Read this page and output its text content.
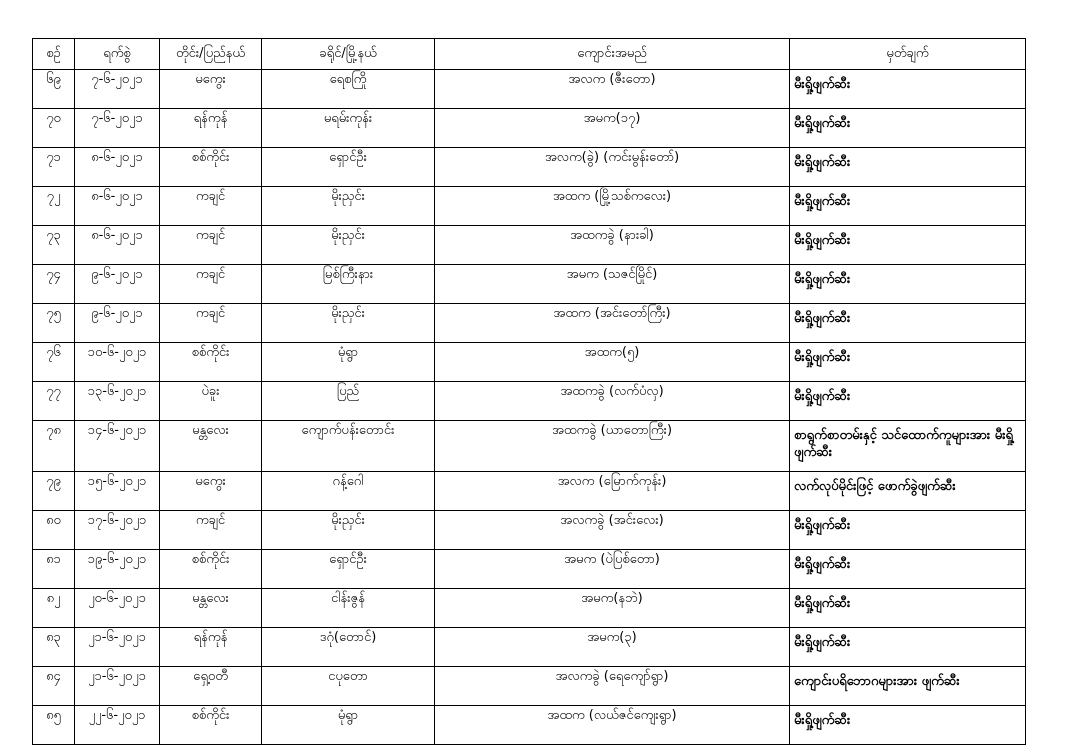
စဉ်	ရက်စွဲ	တိုင်း/ပြည်နယ်	ခရိုင်/မြို့နယ်	ကျောင်းအမည်	မှတ်ချက်
၆၉	၇-၆-၂၀၂၁	မကွေး	ရေစကြို	အလက (ဇီးတော)	မီးရှို့ဖျက်ဆီး
၇၀	၇-၆-၂၀၂၁	ရန်ကုန်	မရမ်းကုန်း	အမက(၁၇)	မီးရှို့ဖျက်ဆီး
၇၁	၈-၆-၂၀၂၁	စစ်ကိုင်း	ရှောင်ဦး	အလက(ခွဲ) (ကင်းမွန်းတော်)	မီးရှို့ဖျက်ဆီး
၇၂	၈-၆-၂၀၂၁	ကချင်	မိုးညှင်း	အထက (မြို့သစ်ကလေး)	မီးရှို့ဖျက်ဆီး
၇၃	၈-၆-၂၀၂၁	ကချင်	မိုးညှင်း	အထကခွဲ (နားခါ)	မီးရှို့ဖျက်ဆီး
၇၄	၉-၆-၂၀၂၁	ကချင်	မြစ်ကြီးနား	အမက (သဇင်မြိုင်)	မီးရှို့ဖျက်ဆီး
၇၅	၉-၆-၂၀၂၁	ကချင်	မိုးညှင်း	အထက (အင်းတော်ကြီး)	မီးရှို့ဖျက်ဆီး
၇၆	၁၀-၆-၂၀၂၁	စစ်ကိုင်း	မုံရွာ	အထက(၅)	မီးရှို့ဖျက်ဆီး
၇၇	၁၃-၆-၂၀၂၁	ပဲခူး	ပြည်	အထကခွဲ (လက်ပံလှ)	မီးရှို့ဖျက်ဆီး
၇၈	၁၄-၆-၂၀၂၁	မန္တလေး	ကျောက်ပန်းတောင်း	အထကခွဲ (ယာတောကြီး)	စာရွက်စာတမ်းနှင့် သင်ထောက်ကူများအား မီးရှို့ဖျက်ဆီး
၇၉	၁၅-၆-၂၀၂၁	မကွေး	ဂန့်ဂေါ	အလက (မြောက်ကုန်း)	လက်လုပ်မိုင်းဖြင့် ဖောက်ခွဲဖျက်ဆီး
၈၀	၁၇-၆-၂၀၂၁	ကချင်	မိုးညှင်း	အလကခွဲ (အင်းလေး)	မီးရှို့ဖျက်ဆီး
၈၁	၁၉-၆-၂၀၂၁	စစ်ကိုင်း	ရှောင်ဦး	အမက (ပဲပြစ်တော)	မီးရှို့ဖျက်ဆီး
၈၂	၂၀-၆-၂၀၂၁	မန္တလေး	ငါန်းဇွန်	အမက(နဘဲ)	မီးရှို့ဖျက်ဆီး
၈၃	၂၁-၆-၂၀၂၁	ရန်ကုန်	ဒဂုံ(တောင်)	အမက(၃)	မီးရှို့ဖျက်ဆီး
၈၄	၂၁-၆-၂၀၂၁	ရှေ့ဝတီ	ငပုတော	အလကခွဲ (ရေကျော်ရွာ)	ကျောင်းပရိဘောဂများအား ဖျက်ဆီး
၈၅	၂၂-၆-၂၀၂၁	စစ်ကိုင်း	မုံရွာ	အထက (လယ်ဇင်ကျေးရွာ)	မီးရှို့ဖျက်ဆီး
